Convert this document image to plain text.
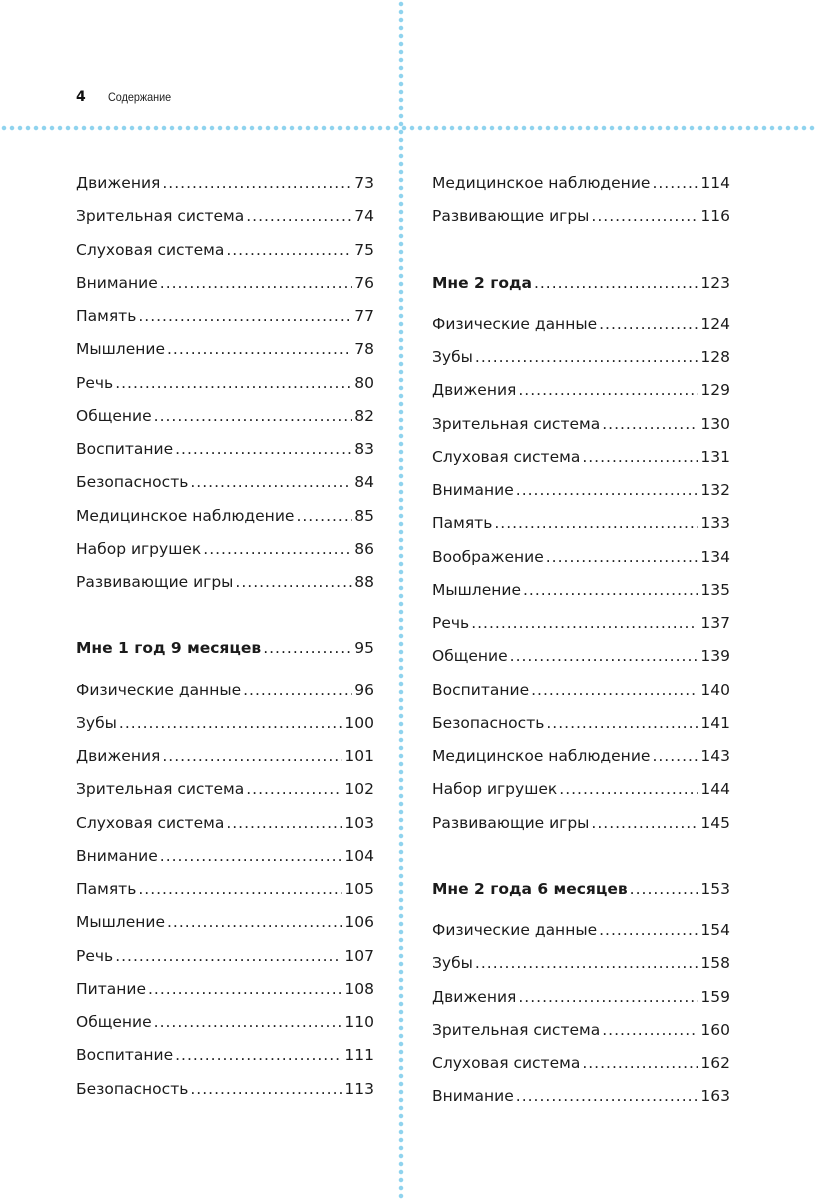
4 Содержание
Движения .....	73
Зрительная система .....	74
Слуховая система .....	75
Внимание .....	76
Память .....	77
Мышление .....	78
Речь .....	80
Общение .....	82
Воспитание .....	83
Безопасность .....	84
Медицинское наблюдение .....	85
Набор игрушек .....	86
Развивающие игры .....	88
Мне 1 год 9 месяцев .....	95
Физические данные .....	96
Зубы .....	100
Движения .....	101
Зрительная система .....	102
Слуховая система .....	103
Внимание .....	104
Память .....	105
Мышление .....	106
Речь .....	107
Питание .....	108
Общение .....	110
Воспитание .....	111
Безопасность .....	113
Медицинское наблюдение .....	114
Развивающие игры .....	116
Мне 2 года .....	123
Физические данные .....	124
Зубы .....	128
Движения .....	129
Зрительная система .....	130
Слуховая система .....	131
Внимание .....	132
Память .....	133
Воображение .....	134
Мышление .....	135
Речь .....	137
Общение .....	139
Воспитание .....	140
Безопасность .....	141
Медицинское наблюдение .....	143
Набор игрушек .....	144
Развивающие игры .....	145
Мне 2 года 6 месяцев .....	153
Физические данные .....	154
Зубы .....	158
Движения .....	159
Зрительная система .....	160
Слуховая система .....	162
Внимание .....	163
